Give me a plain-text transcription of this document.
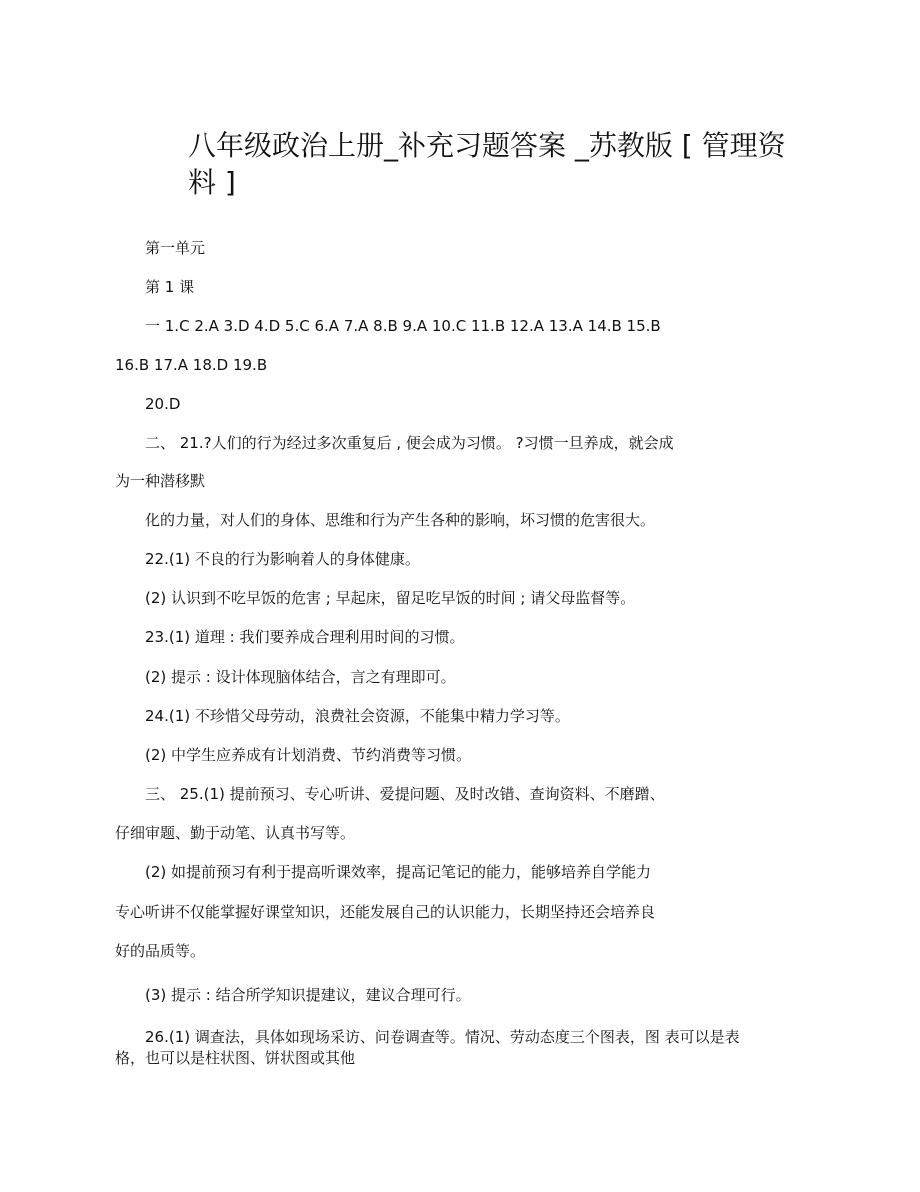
八年级政治上册_补充习题答案 _苏教版 [ 管理资
料 ]
第一单元
第 1 课
一 1.C 2.A 3.D 4.D 5.C 6.A 7.A 8.B 9.A 10.C 11.B 12.A 13.A 14.B 15.B
16.B 17.A 18.D 19.B
20.D
二、 21.?人们的行为经过多次重复后 , 便会成为习惯。 ?习惯一旦养成，就会成
为一种潜移默
化的力量，对人们的身体、思维和行为产生各种的影响，坏习惯的危害很大。
22.(1) 不良的行为影响着人的身体健康。
(2) 认识到不吃早饭的危害 ; 早起床，留足吃早饭的时间 ; 请父母监督等。
23.(1) 道理 : 我们要养成合理利用时间的习惯。
(2) 提示 : 设计体现脑体结合，言之有理即可。
24.(1) 不珍惜父母劳动，浪费社会资源，不能集中精力学习等。
(2) 中学生应养成有计划消费、节约消费等习惯。
三、 25.(1) 提前预习、专心听讲、爱提问题、及时改错、查询资料、不磨蹭、
仔细审题、勤于动笔、认真书写等。
(2) 如提前预习有利于提高听课效率，提高记笔记的能力，能够培养自学能力
专心听讲不仅能掌握好课堂知识，还能发展自己的认识能力，长期坚持还会培养良
好的品质等。
(3) 提示 : 结合所学知识提建议，建议合理可行。
26.(1) 调查法，具体如现场采访、问卷调查等。情况、劳动态度三个图表，图 表可以是表
格，也可以是柱状图、饼状图或其他
